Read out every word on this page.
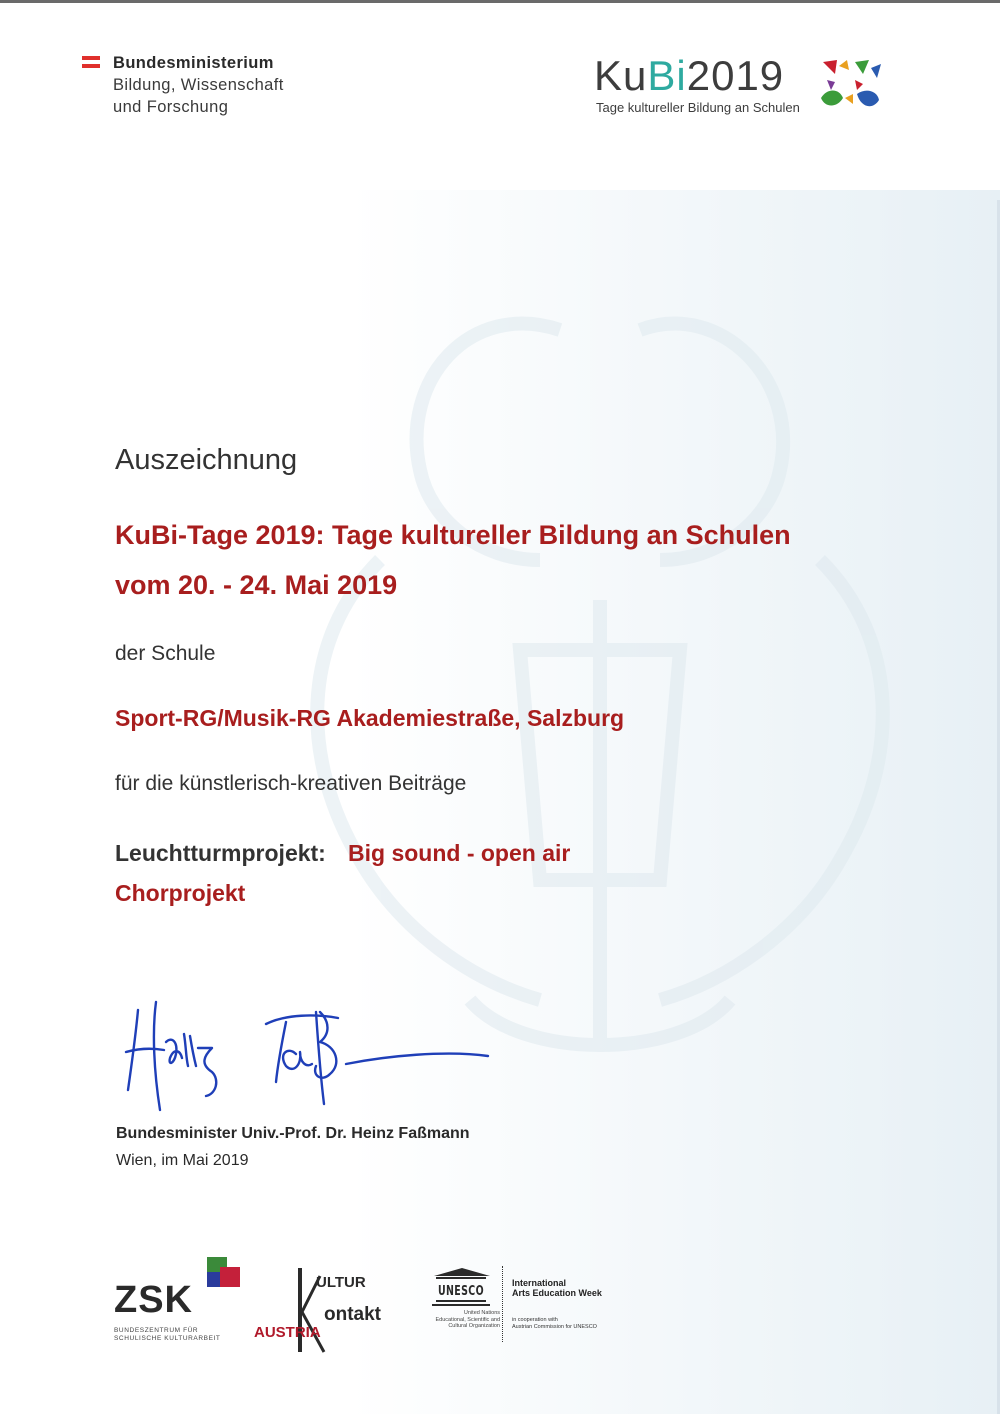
Bundesministerium
Bildung, Wissenschaft
und Forschung
KuBi2019
Tage kultureller Bildung an Schulen
Auszeichnung
KuBi-Tage 2019: Tage kultureller Bildung an Schulen
vom 20. - 24. Mai 2019
der Schule
Sport-RG/Musik-RG Akademiestraße, Salzburg
für die künstlerisch-kreativen Beiträge
Leuchtturmprojekt: Big sound - open air
Chorprojekt
Bundesminister Univ.-Prof. Dr. Heinz Faßmann
Wien, im Mai 2019
ZSK
BUNDESZENTRUM FÜR
SCHULISCHE KULTURARBEIT AUSTRIA
ULTUR
ontakt
UNESCO
United Nations
Educational, Scientific and
Cultural Organization
International
Arts Education Week
in cooperation with
Austrian Commission for UNESCO
